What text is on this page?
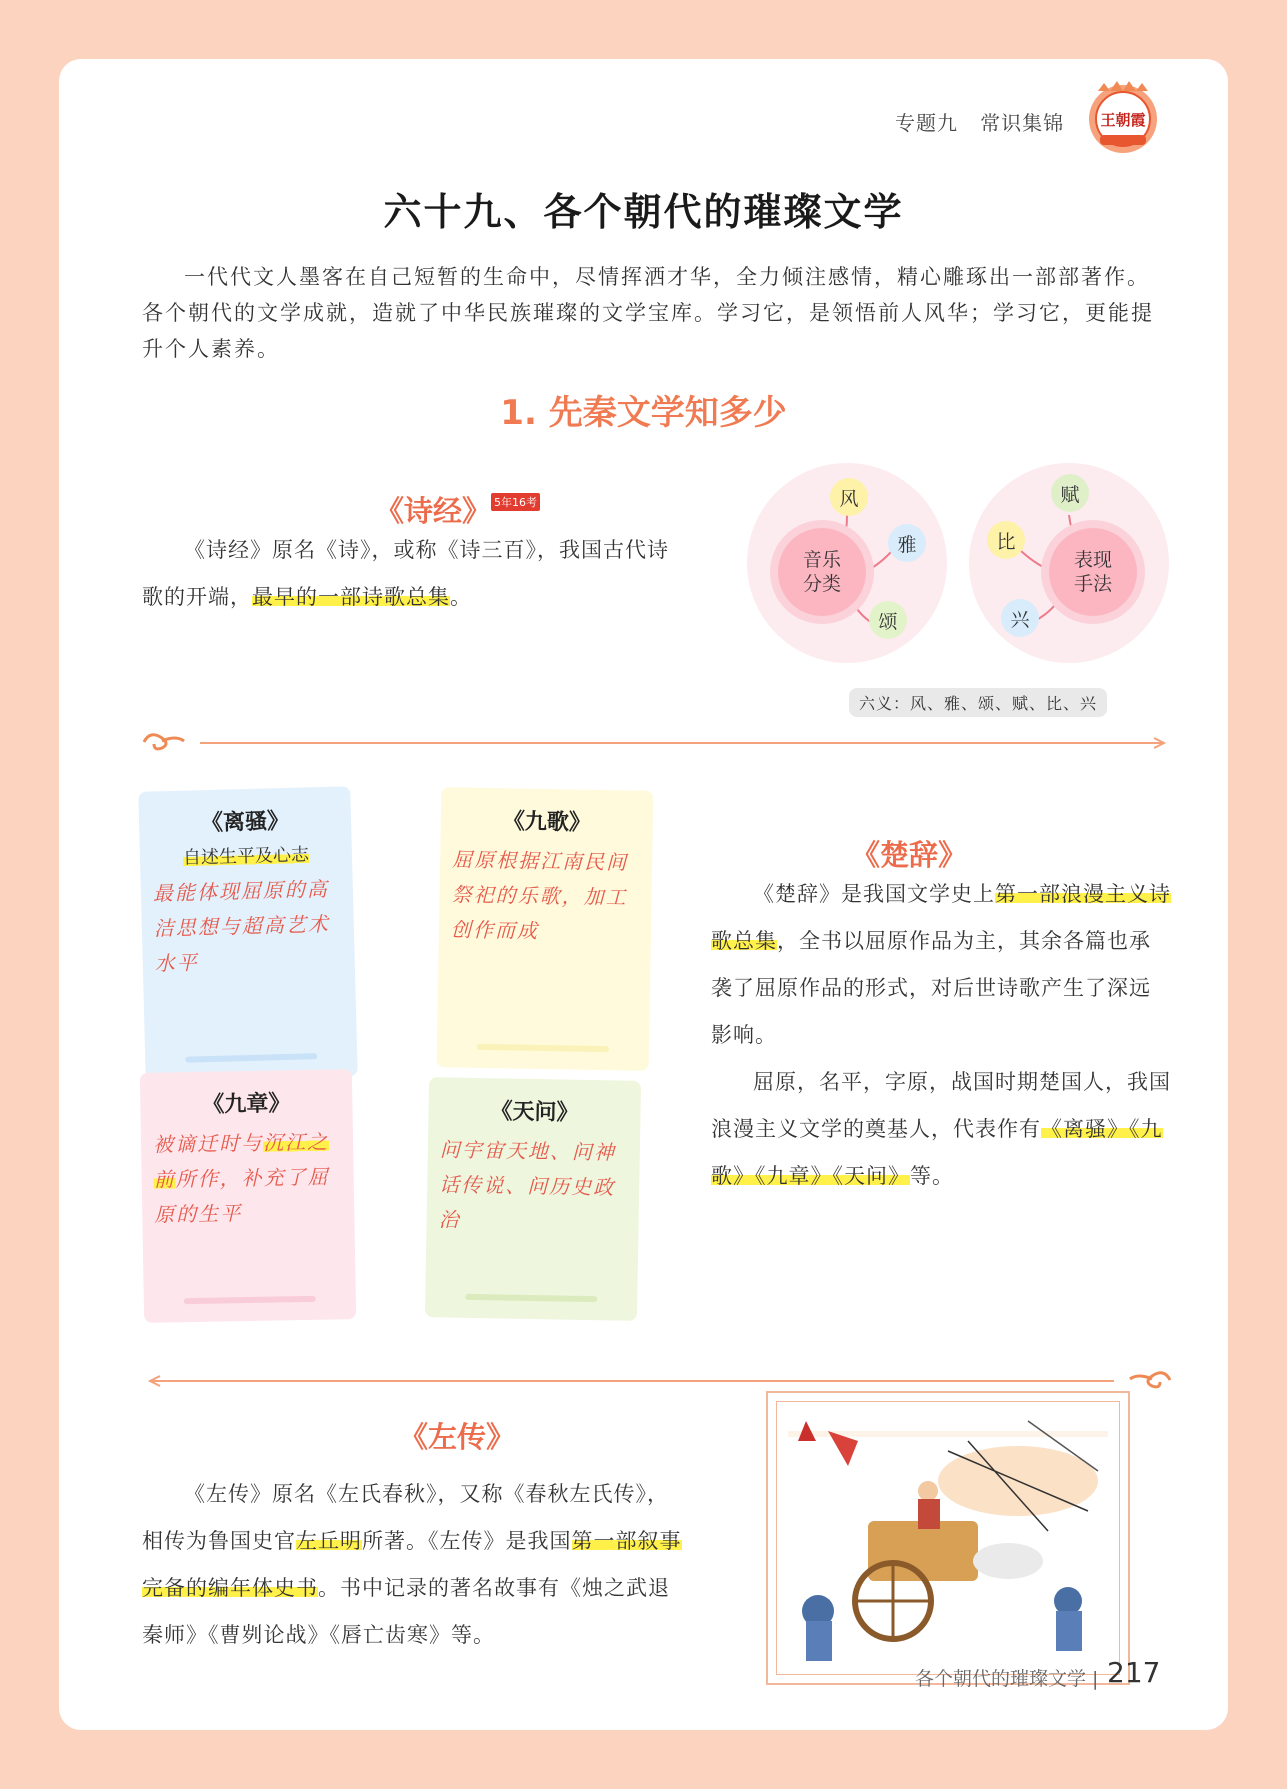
专题九 常识集锦 王朝霞
六十九、各个朝代的璀璨文学
一代代文人墨客在自己短暂的生命中，尽情挥洒才华，全力倾注感情，精心雕琢出一部部著作。各个朝代的文学成就，造就了中华民族璀璨的文学宝库。学习它，是领悟前人风华；学习它，更能提升个人素养。
1. 先秦文学知多少
《诗经》 5年16考
《诗经》原名《诗》，或称《诗三百》，我国古代诗歌的开端，最早的一部诗歌总集。
音乐
分类
风
雅
颂
表现
手法
赋
比
兴
六义：风、雅、颂、赋、比、兴
《离骚》
自述生平及心志
最能体现屈原的高洁思想与超高艺术水平
《九歌》
屈原根据江南民间祭祀的乐歌，加工创作而成
《九章》
被谪迁时与沉江之前所作，补充了屈原的生平
《天问》
问宇宙天地、问神话传说、问历史政治
《楚辞》
《楚辞》是我国文学史上第一部浪漫主义诗歌总集，全书以屈原作品为主，其余各篇也承袭了屈原作品的形式，对后世诗歌产生了深远影响。
屈原，名平，字原，战国时期楚国人，我国浪漫主义文学的奠基人，代表作有《离骚》《九歌》《九章》《天问》等。
《左传》
《左传》原名《左氏春秋》，又称《春秋左氏传》，相传为鲁国史官左丘明所著。《左传》是我国第一部叙事完备的编年体史书。书中记录的著名故事有《烛之武退秦师》《曹刿论战》《唇亡齿寒》等。
各个朝代的璀璨文学 | 217
